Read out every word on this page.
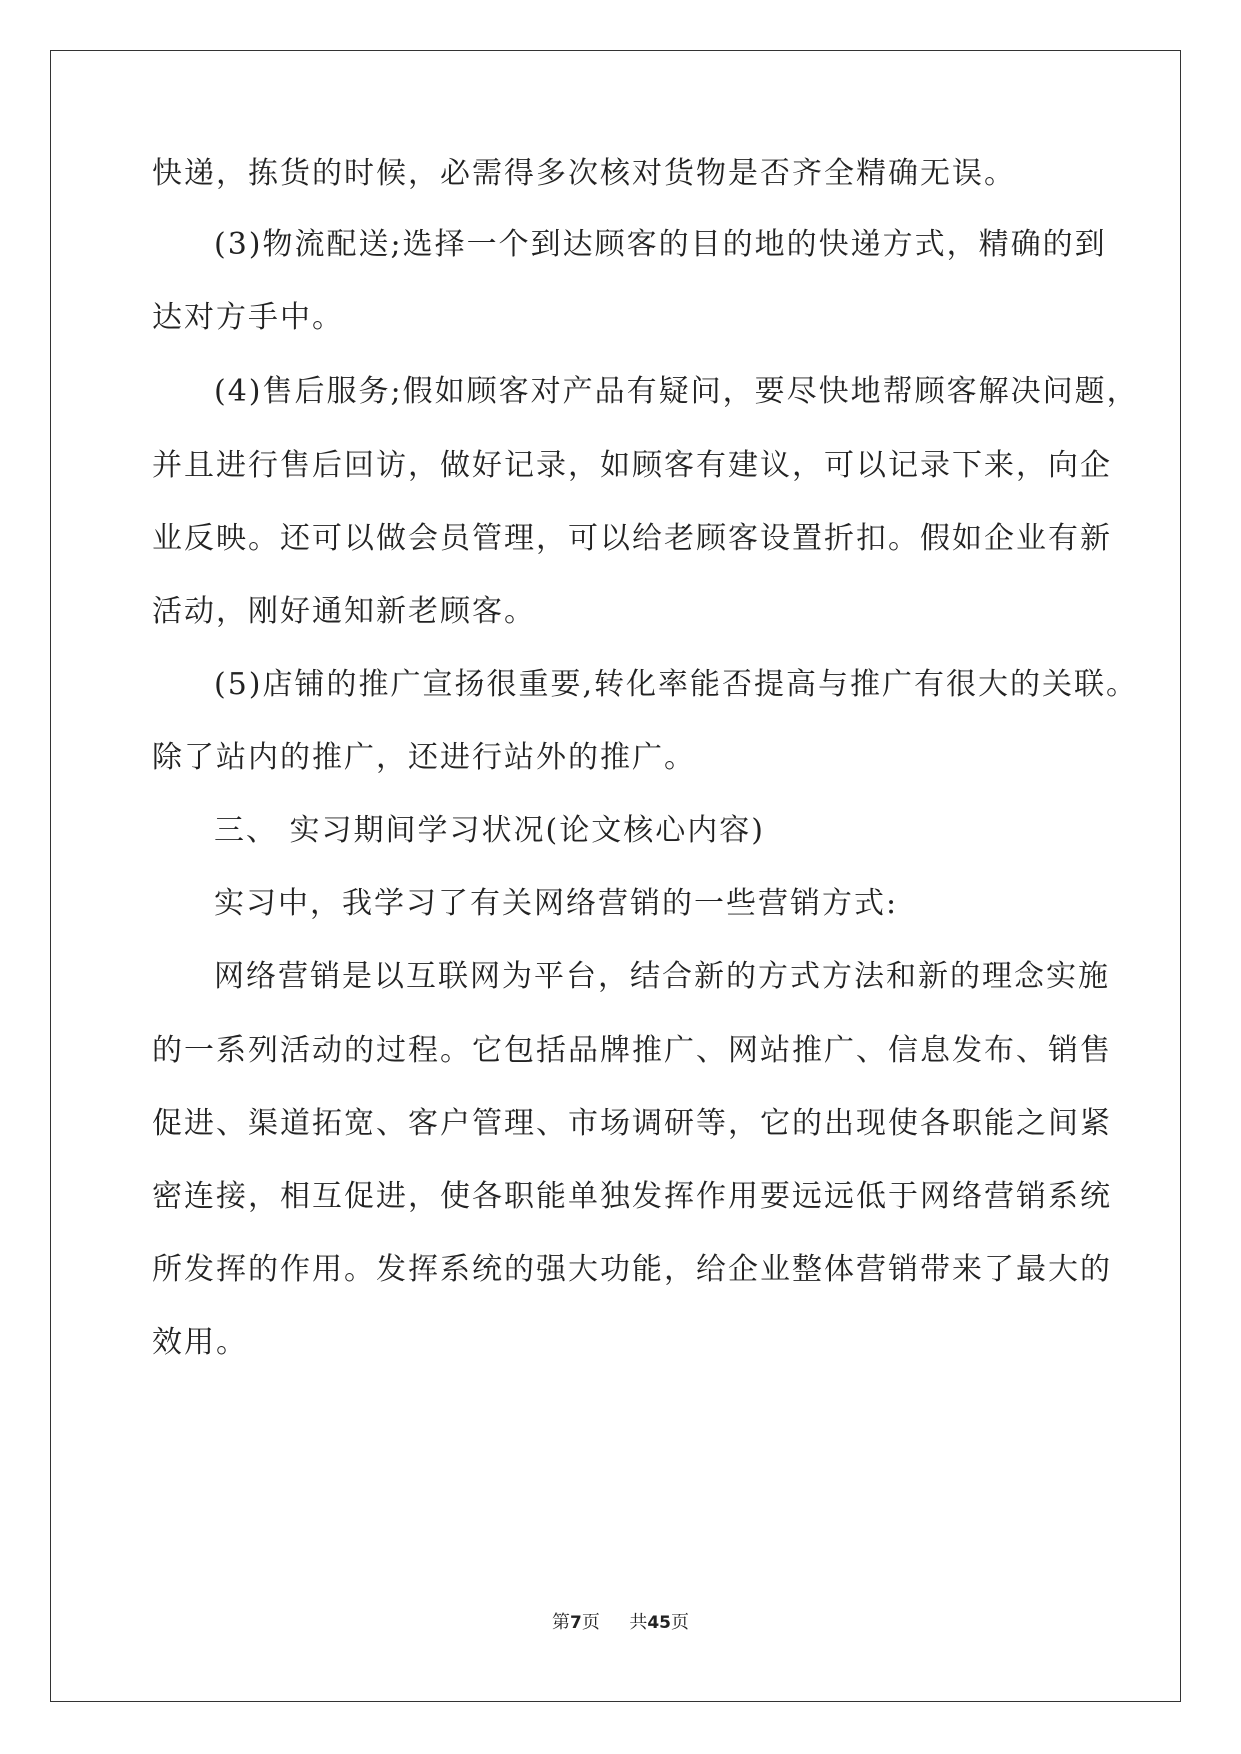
快递，拣货的时候，必需得多次核对货物是否齐全精确无误。
(3)物流配送;选择一个到达顾客的目的地的快递方式，精确的到
达对方手中。
(4)售后服务;假如顾客对产品有疑问，要尽快地帮顾客解决问题，
并且进行售后回访，做好记录，如顾客有建议，可以记录下来，向企
业反映。还可以做会员管理，可以给老顾客设置折扣。假如企业有新
活动，刚好通知新老顾客。
(5)店铺的推广宣扬很重要,转化率能否提高与推广有很大的关联。
除了站内的推广，还进行站外的推广。
三、 实习期间学习状况(论文核心内容)
实习中，我学习了有关网络营销的一些营销方式:
网络营销是以互联网为平台，结合新的方式方法和新的理念实施
的一系列活动的过程。它包括品牌推广、网站推广、信息发布、销售
促进、渠道拓宽、客户管理、市场调研等，它的出现使各职能之间紧
密连接，相互促进，使各职能单独发挥作用要远远低于网络营销系统
所发挥的作用。发挥系统的强大功能，给企业整体营销带来了最大的
效用。
第7页 共45页
